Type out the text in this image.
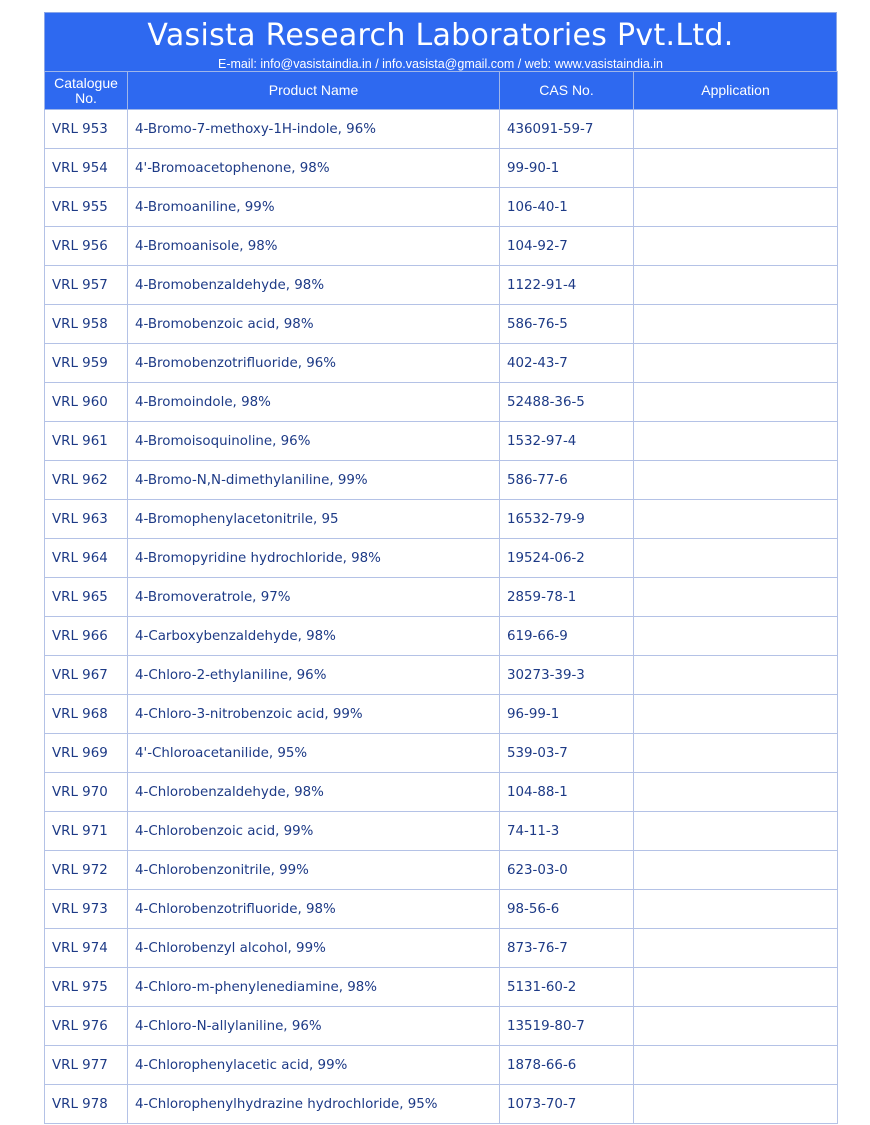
Vasista Research Laboratories Pvt.Ltd.
E-mail: info@vasistaindia.in / info.vasista@gmail.com / web: www.vasistaindia.in
Catalogue
No.	Product Name	CAS No.	Application
VRL 953	4-Bromo-7-methoxy-1H-indole, 96%	436091-59-7	
VRL 954	4'-Bromoacetophenone, 98%	99-90-1	
VRL 955	4-Bromoaniline, 99%	106-40-1	
VRL 956	4-Bromoanisole, 98%	104-92-7	
VRL 957	4-Bromobenzaldehyde, 98%	1122-91-4	
VRL 958	4-Bromobenzoic acid, 98%	586-76-5	
VRL 959	4-Bromobenzotrifluoride, 96%	402-43-7	
VRL 960	4-Bromoindole, 98%	52488-36-5	
VRL 961	4-Bromoisoquinoline, 96%	1532-97-4	
VRL 962	4-Bromo-N,N-dimethylaniline, 99%	586-77-6	
VRL 963	4-Bromophenylacetonitrile, 95	16532-79-9	
VRL 964	4-Bromopyridine hydrochloride, 98%	19524-06-2	
VRL 965	4-Bromoveratrole, 97%	2859-78-1	
VRL 966	4-Carboxybenzaldehyde, 98%	619-66-9	
VRL 967	4-Chloro-2-ethylaniline, 96%	30273-39-3	
VRL 968	4-Chloro-3-nitrobenzoic acid, 99%	96-99-1	
VRL 969	4'-Chloroacetanilide, 95%	539-03-7	
VRL 970	4-Chlorobenzaldehyde, 98%	104-88-1	
VRL 971	4-Chlorobenzoic acid, 99%	74-11-3	
VRL 972	4-Chlorobenzonitrile, 99%	623-03-0	
VRL 973	4-Chlorobenzotrifluoride, 98%	98-56-6	
VRL 974	4-Chlorobenzyl alcohol, 99%	873-76-7	
VRL 975	4-Chloro-m-phenylenediamine, 98%	5131-60-2	
VRL 976	4-Chloro-N-allylaniline, 96%	13519-80-7	
VRL 977	4-Chlorophenylacetic acid, 99%	1878-66-6	
VRL 978	4-Chlorophenylhydrazine hydrochloride, 95%	1073-70-7	
